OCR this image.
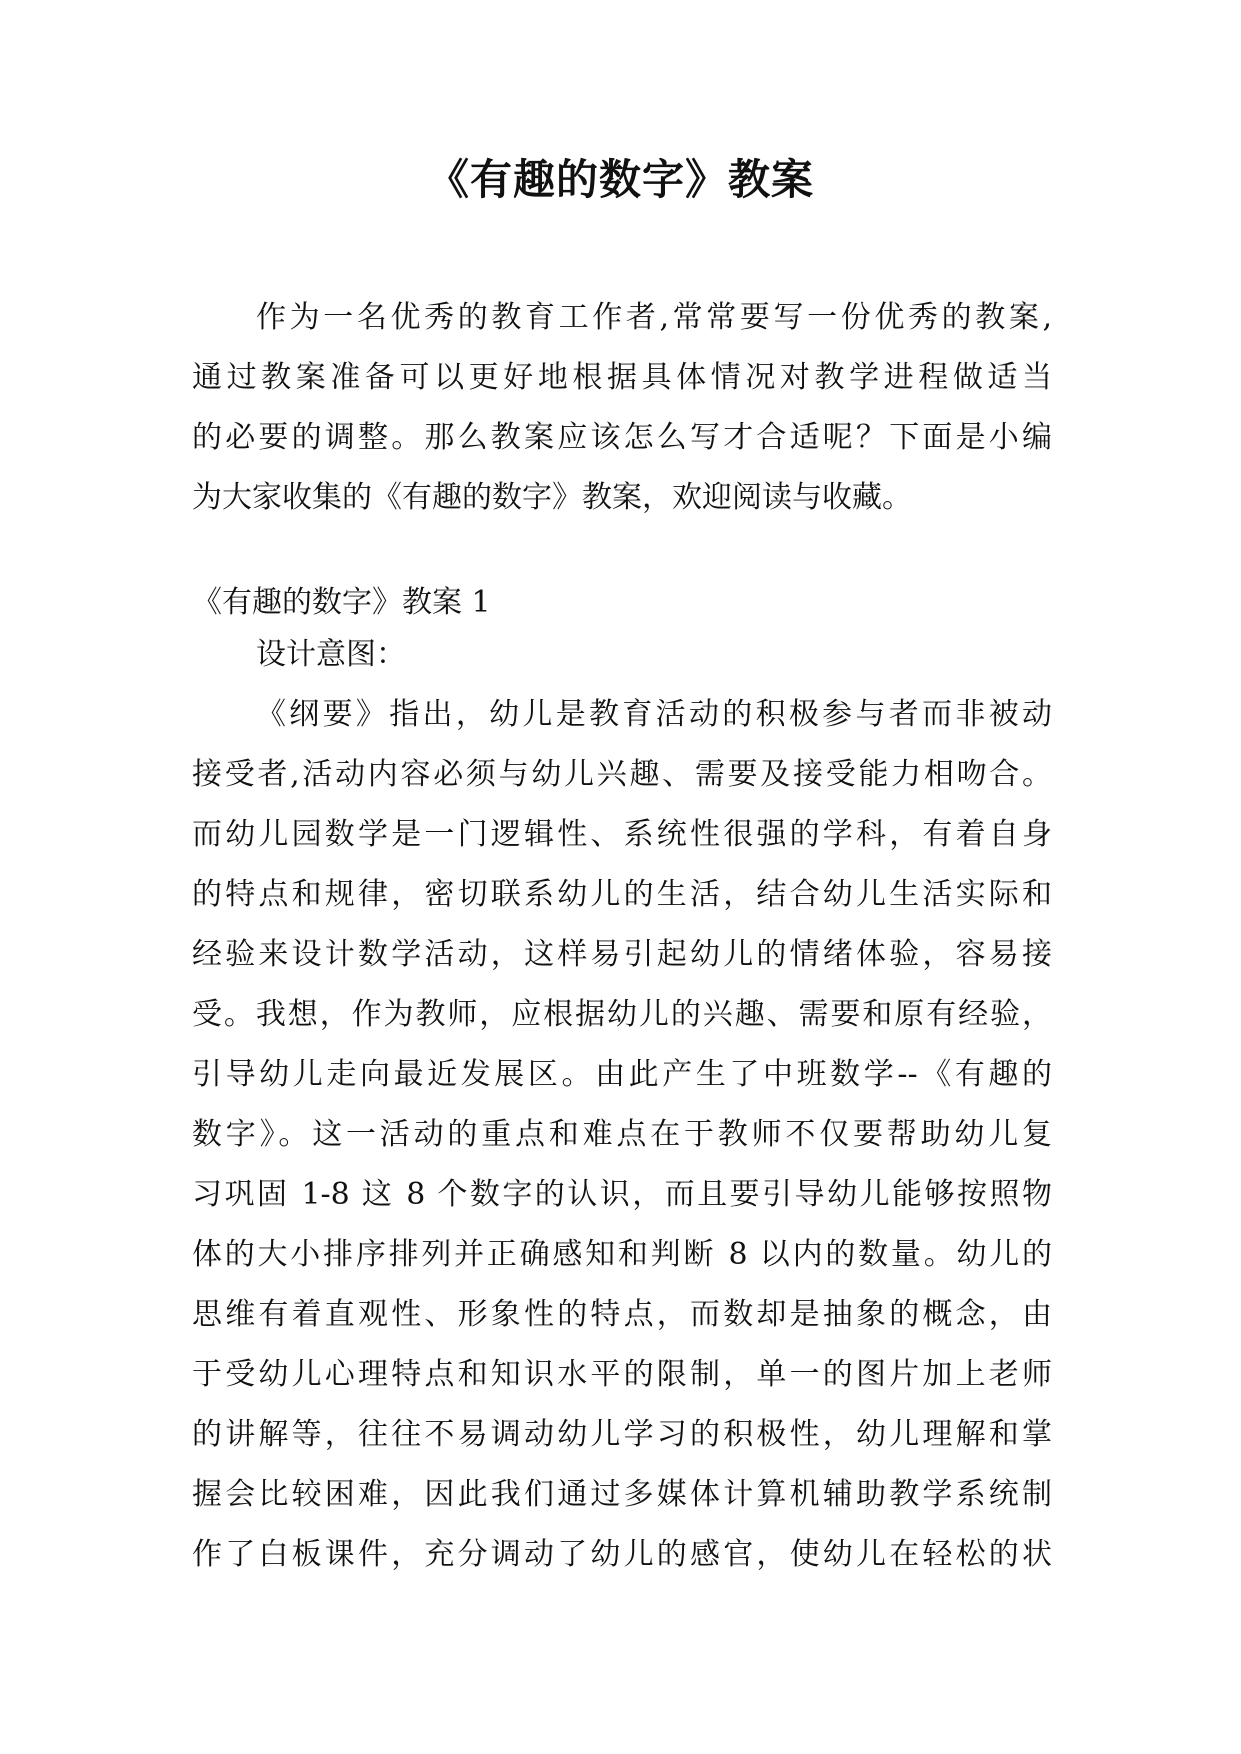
《有趣的数字》教案
作为一名优秀的教育工作者,常常要写一份优秀的教案,
通过教案准备可以更好地根据具体情况对教学进程做适当
的必要的调整。那么教案应该怎么写才合适呢？下面是小编
为大家收集的《有趣的数字》教案，欢迎阅读与收藏。
《有趣的数字》教案 1
设计意图：
《纲要》指出，幼儿是教育活动的积极参与者而非被动
接受者,活动内容必须与幼儿兴趣、需要及接受能力相吻合。
而幼儿园数学是一门逻辑性、系统性很强的学科，有着自身
的特点和规律，密切联系幼儿的生活，结合幼儿生活实际和
经验来设计数学活动，这样易引起幼儿的情绪体验，容易接
受。我想，作为教师，应根据幼儿的兴趣、需要和原有经验，
引导幼儿走向最近发展区。由此产生了中班数学--《有趣的
数字》。这一活动的重点和难点在于教师不仅要帮助幼儿复
习巩固 1-8 这 8 个数字的认识，而且要引导幼儿能够按照物
体的大小排序排列并正确感知和判断 8 以内的数量。幼儿的
思维有着直观性、形象性的特点，而数却是抽象的概念，由
于受幼儿心理特点和知识水平的限制，单一的图片加上老师
的讲解等，往往不易调动幼儿学习的积极性，幼儿理解和掌
握会比较困难，因此我们通过多媒体计算机辅助教学系统制
作了白板课件，充分调动了幼儿的感官，使幼儿在轻松的状
